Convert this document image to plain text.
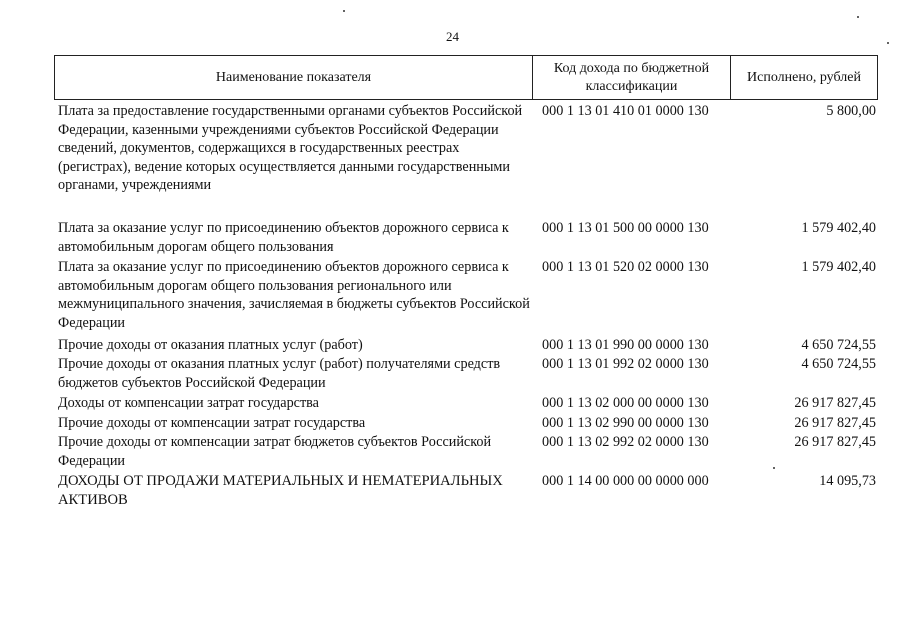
24
Наименование показателя
Код дохода по бюджетной классификации
Исполнено, рублей
Плата за предоставление государственными органами субъектов Российской Федерации, казенными учреждениями субъектов Российской Федерации сведений, документов, содержащихся в государственных реестрах (регистрах), ведение которых осуществляется данными государственными органами, учреждениями
000 1 13 01 410 01 0000 130	5 800,00
Плата за оказание услуг по присоединению объектов дорожного сервиса к автомобильным дорогам общего пользования
000 1 13 01 500 00 0000 130	1 579 402,40
Плата за оказание услуг по присоединению объектов дорожного сервиса к автомобильным дорогам общего пользования регионального или межмуниципального значения, зачисляемая в бюджеты субъектов Российской Федерации
000 1 13 01 520 02 0000 130	1 579 402,40
Прочие доходы от оказания платных услуг (работ)	000 1 13 01 990 00 0000 130	4 650 724,55
Прочие доходы от оказания платных услуг (работ) получателями средств бюджетов субъектов Российской Федерации
000 1 13 01 992 02 0000 130	4 650 724,55
Доходы от компенсации затрат государства	000 1 13 02 000 00 0000 130	26 917 827,45
Прочие доходы от компенсации затрат государства	000 1 13 02 990 00 0000 130	26 917 827,45
Прочие доходы от компенсации затрат бюджетов субъектов Российской Федерации
000 1 13 02 992 02 0000 130	26 917 827,45
ДОХОДЫ ОТ ПРОДАЖИ МАТЕРИАЛЬНЫХ И НЕМАТЕРИАЛЬНЫХ АКТИВОВ
000 1 14 00 000 00 0000 000	14 095,73
